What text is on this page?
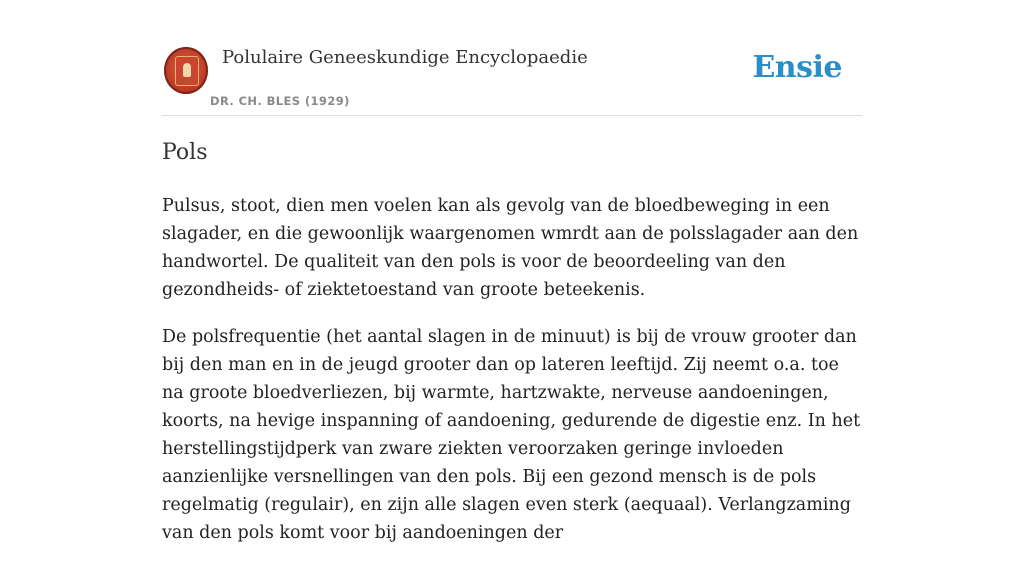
Polulaire Geneeskundige Encyclopaedie
DR. CH. BLES (1929)
Ensie
Pols

Pulsus, stoot, dien men voelen kan als gevolg van de bloedbeweging in een slagader, en die gewoonlijk waargenomen wmrdt aan de polsslagader aan den handwortel. De qualiteit van den pols is voor de beoordeeling van den gezondheids- of ziektetoestand van groote beteekenis.

De polsfrequentie (het aantal slagen in de minuut) is bij de vrouw grooter dan bij den man en in de jeugd grooter dan op lateren leeftijd. Zij neemt o.a. toe na groote bloedverliezen, bij warmte, hartzwakte, nerveuse aandoeningen, koorts, na hevige inspanning of aandoening, gedurende de digestie enz. In het herstellingstijdperk van zware ziekten veroorzaken geringe invloeden aanzienlijke versnellingen van den pols. Bij een gezond mensch is de pols regelmatig (regulair), en zijn alle slagen even sterk (aequaal). Verlangzaming van den pols komt voor bij aandoeningen der
